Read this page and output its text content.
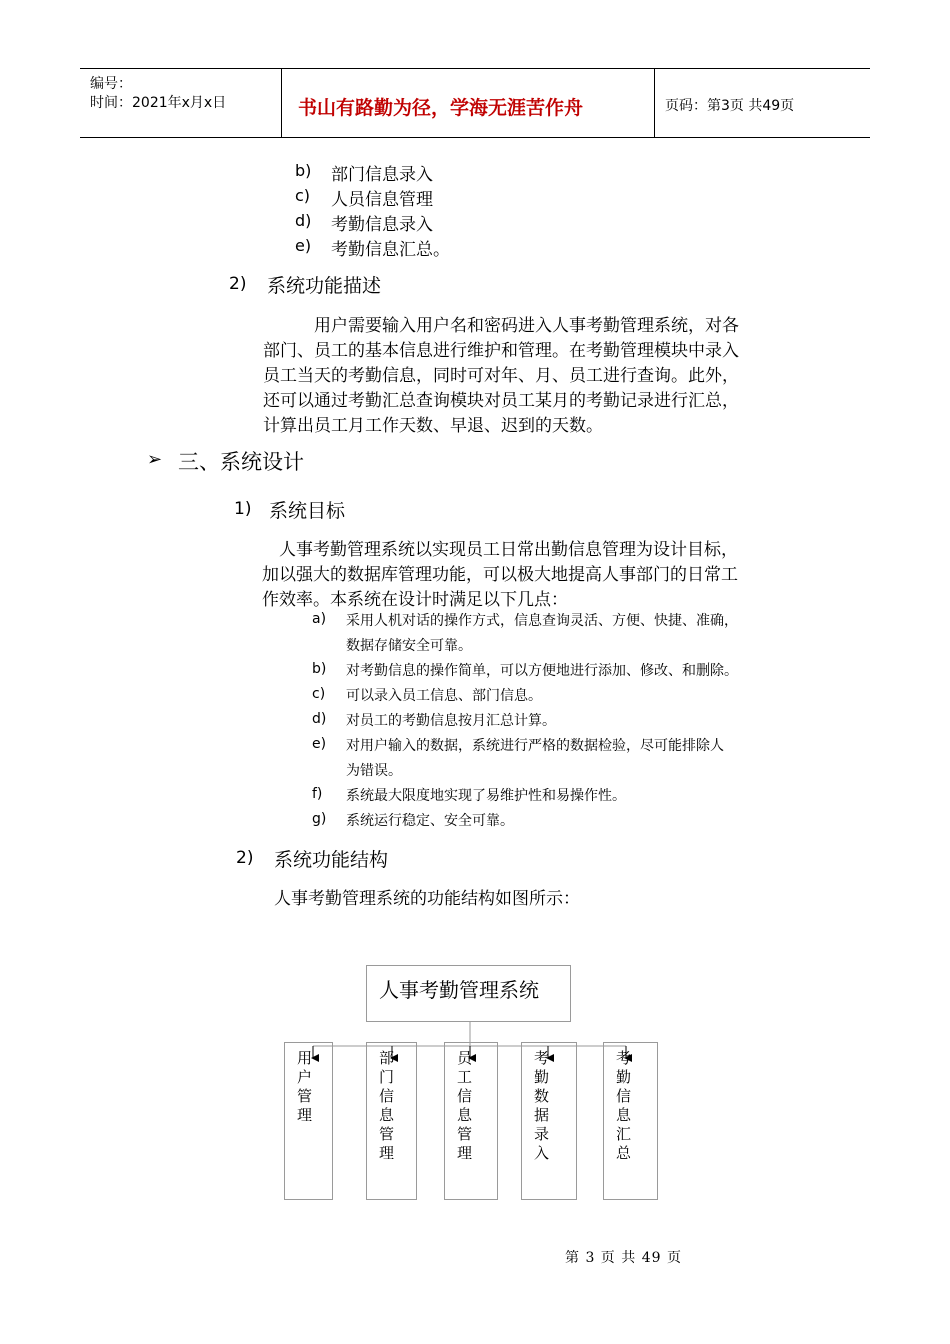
编号：
时间：2021年x月x日	书山有路勤为径，学海无涯苦作舟	页码：第3页 共49页
b) 部门信息录入
c) 人员信息管理
d) 考勤信息录入
e) 考勤信息汇总。
2) 系统功能描述
用户需要输入用户名和密码进入人事考勤管理系统，对各
部门、员工的基本信息进行维护和管理。在考勤管理模块中录入
员工当天的考勤信息，同时可对年、月、员工进行查询。此外，
还可以通过考勤汇总查询模块对员工某月的考勤记录进行汇总，
计算出员工月工作天数、早退、迟到的天数。
➢ 三、系统设计
1) 系统目标
人事考勤管理系统以实现员工日常出勤信息管理为设计目标，
加以强大的数据库管理功能，可以极大地提高人事部门的日常工
作效率。本系统在设计时满足以下几点：
a) 采用人机对话的操作方式，信息查询灵活、方便、快捷、准确，
数据存储安全可靠。
b) 对考勤信息的操作简单，可以方便地进行添加、修改、和删除。
c) 可以录入员工信息、部门信息。
d) 对员工的考勤信息按月汇总计算。
e) 对用户输入的数据，系统进行严格的数据检验，尽可能排除人
为错误。
f) 系统最大限度地实现了易维护性和易操作性。
g) 系统运行稳定、安全可靠。
2) 系统功能结构
人事考勤管理系统的功能结构如图所示：
人事考勤管理系统
用户管理
部门信息管理
员工信息管理
考勤数据录入
考勤信息汇总
第 3 页 共 49 页
